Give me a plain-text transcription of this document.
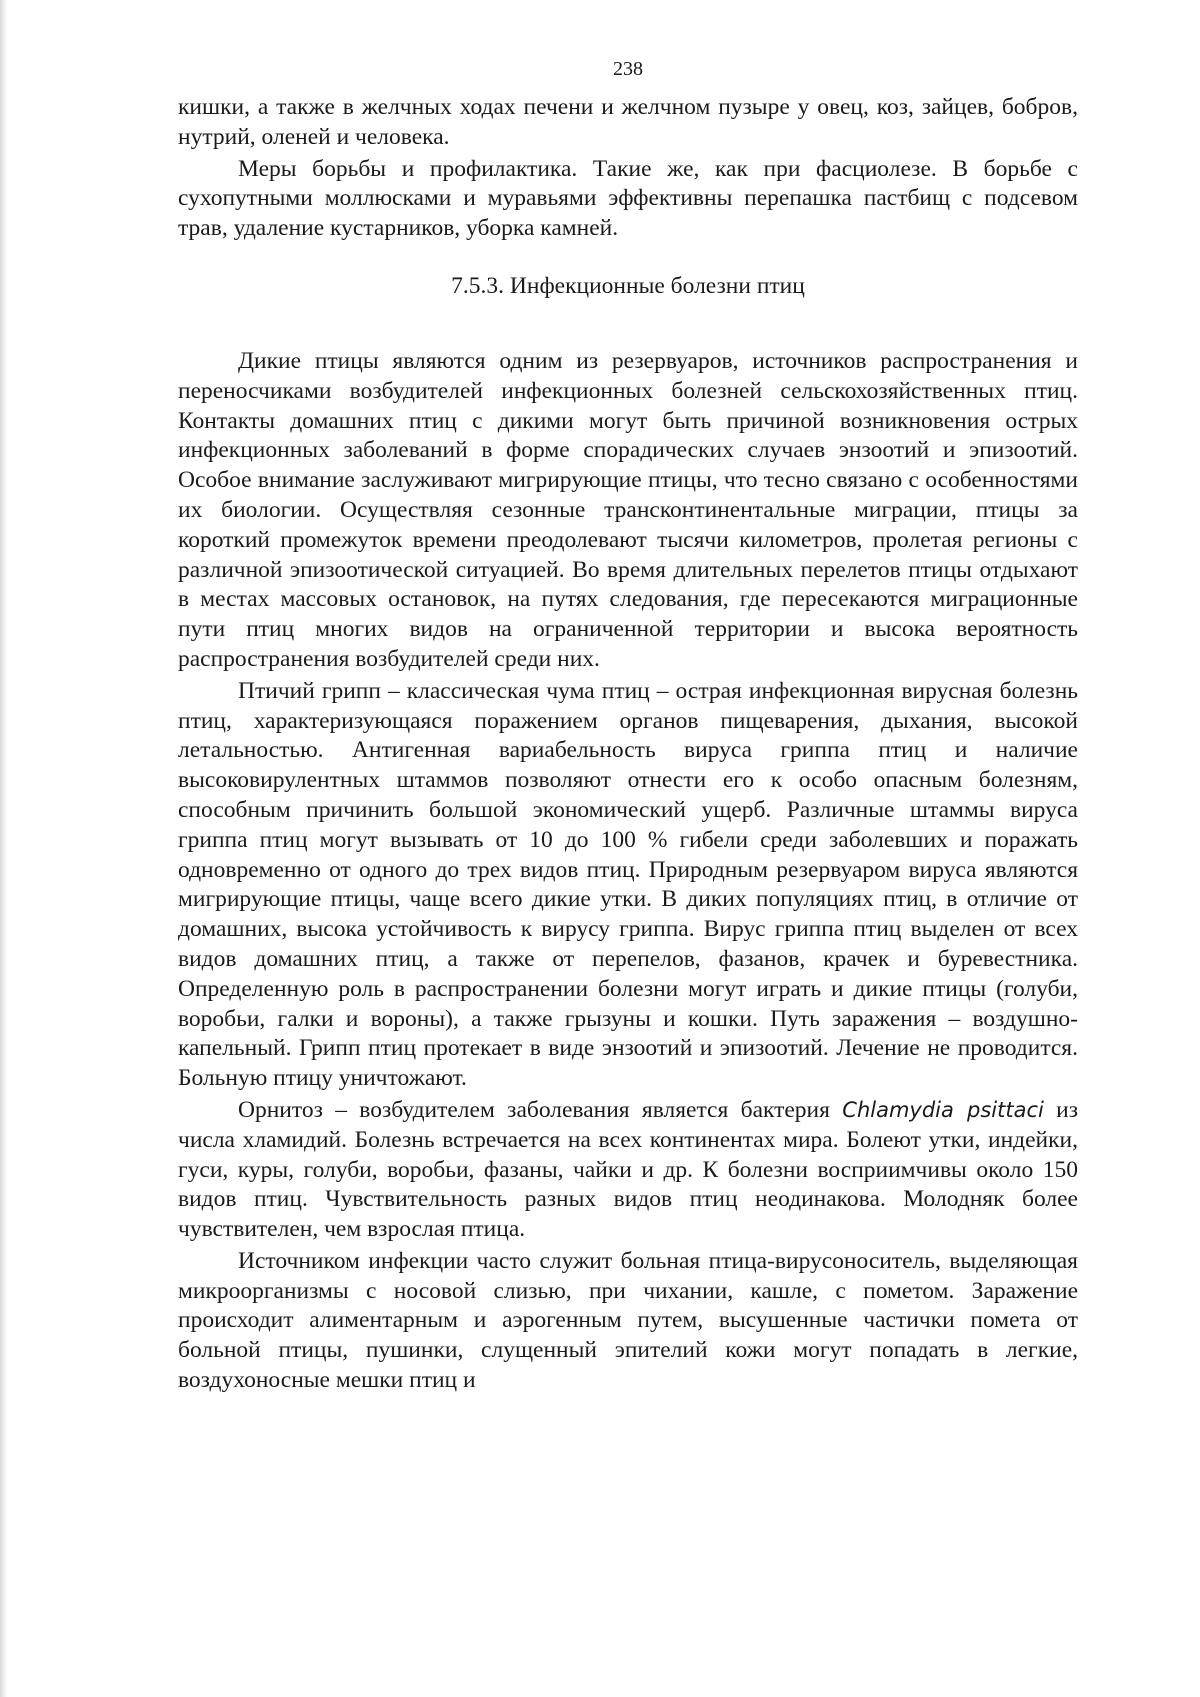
238

кишки, а также в желчных ходах печени и желчном пузыре у овец, коз, зайцев, бобров, нутрий, оленей и человека.

Меры борьбы и профилактика. Такие же, как при фасциолезе. В борьбе с сухопутными моллюсками и муравьями эффективны перепашка пастбищ с подсевом трав, удаление кустарников, уборка камней.

7.5.3. Инфекционные болезни птиц

Дикие птицы являются одним из резервуаров, источников распространения и переносчиками возбудителей инфекционных болезней сельскохозяйственных птиц. Контакты домашних птиц с дикими могут быть причиной возникновения острых инфекционных заболеваний в форме спорадических случаев энзоотий и эпизоотий. Особое внимание заслуживают мигрирующие птицы, что тесно связано с особенностями их биологии. Осуществляя сезонные трансконтинентальные миграции, птицы за короткий промежуток времени преодолевают тысячи километров, пролетая регионы с различной эпизоотической ситуацией. Во время длительных перелетов птицы отдыхают в местах массовых остановок, на путях следования, где пересекаются миграционные пути птиц многих видов на ограниченной территории и высока вероятность распространения возбудителей среди них.

Птичий грипп – классическая чума птиц – острая инфекционная вирусная болезнь птиц, характеризующаяся поражением органов пищеварения, дыхания, высокой летальностью. Антигенная вариабельность вируса гриппа птиц и наличие высоковирулентных штаммов позволяют отнести его к особо опасным болезням, способным причинить большой экономический ущерб. Различные штаммы вируса гриппа птиц могут вызывать от 10 до 100 % гибели среди заболевших и поражать одновременно от одного до трех видов птиц. Природным резервуаром вируса являются мигрирующие птицы, чаще всего дикие утки. В диких популяциях птиц, в отличие от домашних, высока устойчивость к вирусу гриппа. Вирус гриппа птиц выделен от всех видов домашних птиц, а также от перепелов, фазанов, крачек и буревестника. Определенную роль в распространении болезни могут играть и дикие птицы (голуби, воробьи, галки и вороны), а также грызуны и кошки. Путь заражения – воздушно-капельный. Грипп птиц протекает в виде энзоотий и эпизоотий. Лечение не проводится. Больную птицу уничтожают.

Орнитоз – возбудителем заболевания является бактерия Chlamydia psittaci из числа хламидий. Болезнь встречается на всех континентах мира. Болеют утки, индейки, гуси, куры, голуби, воробьи, фазаны, чайки и др. К болезни восприимчивы около 150 видов птиц. Чувствительность разных видов птиц неодинакова. Молодняк более чувствителен, чем взрослая птица.

Источником инфекции часто служит больная птица-вирусоноситель, выделяющая микроорганизмы с носовой слизью, при чихании, кашле, с пометом. Заражение происходит алиментарным и аэрогенным путем, высушенные частички помета от больной птицы, пушинки, слущенный эпителий кожи могут попадать в легкие, воздухоносные мешки птиц и
